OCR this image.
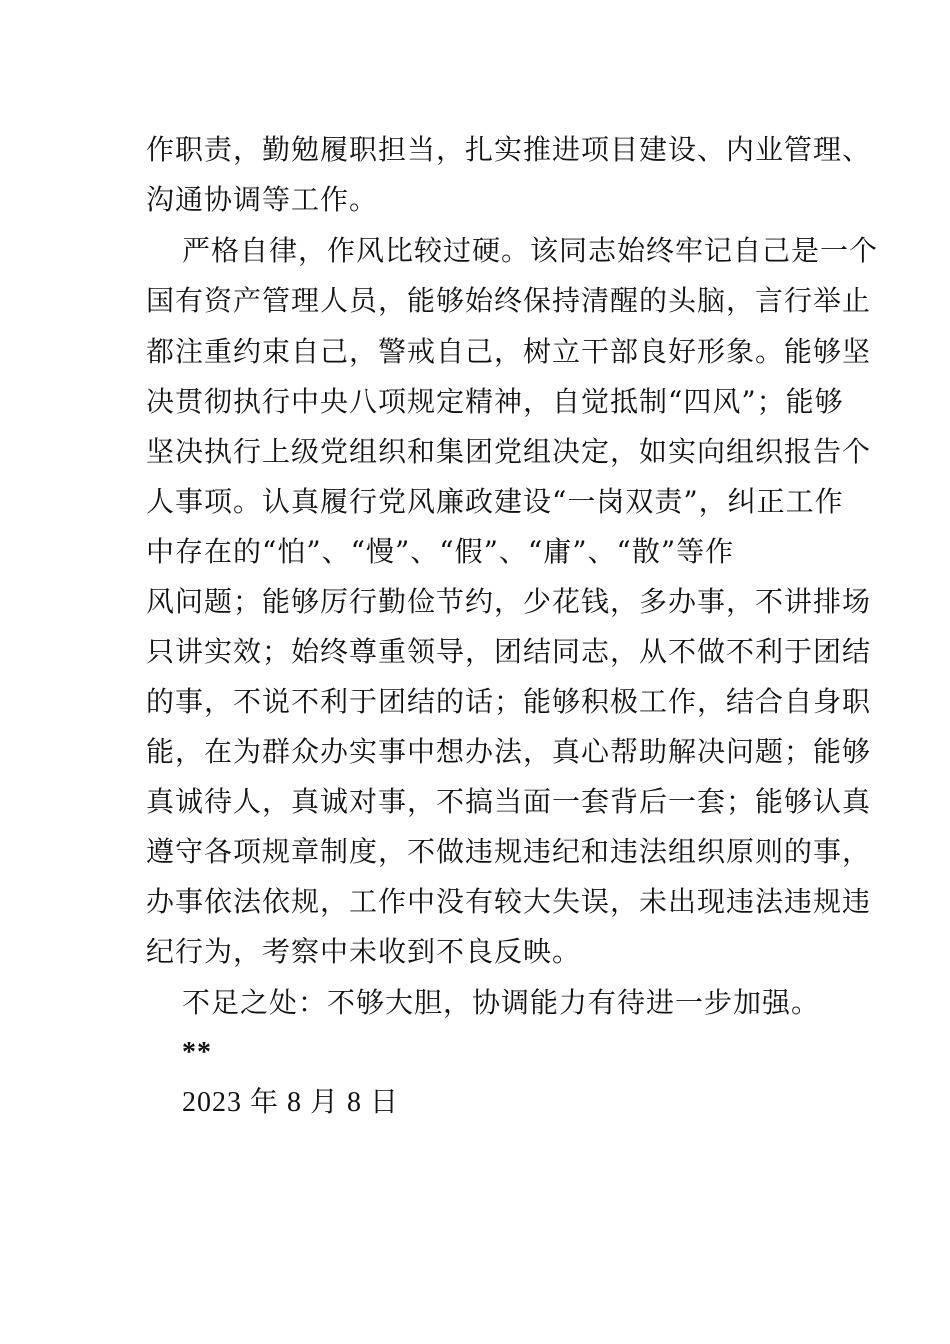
作职责，勤勉履职担当，扎实推进项目建设、内业管理、
沟通协调等工作。
严格自律，作风比较过硬。该同志始终牢记自己是一个
国有资产管理人员，能够始终保持清醒的头脑，言行举止
都注重约束自己，警戒自己，树立干部良好形象。能够坚
决贯彻执行中央八项规定精神，自觉抵制“四风”；能够
坚决执行上级党组织和集团党组决定，如实向组织报告个
人事项。认真履行党风廉政建设“一岗双责”，纠正工作
中存在的“怕”、“慢”、“假”、“庸”、“散”等作
风问题；能够厉行勤俭节约，少花钱，多办事，不讲排场
只讲实效；始终尊重领导，团结同志，从不做不利于团结
的事，不说不利于团结的话；能够积极工作，结合自身职
能，在为群众办实事中想办法，真心帮助解决问题；能够
真诚待人，真诚对事，不搞当面一套背后一套；能够认真
遵守各项规章制度，不做违规违纪和违法组织原则的事，
办事依法依规，工作中没有较大失误，未出现违法违规违
纪行为，考察中未收到不良反映。
不足之处：不够大胆，协调能力有待进一步加强。
**
2023 年 8 月 8 日
